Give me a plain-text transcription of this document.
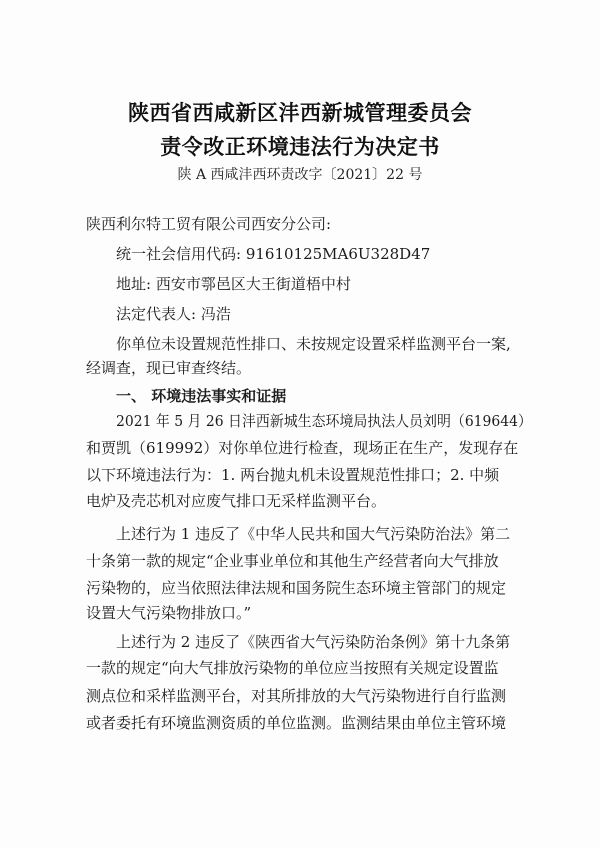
陕西省西咸新区沣西新城管理委员会
责令改正环境违法行为决定书
陕 A 西咸沣西环责改字〔2021〕22 号
陕西利尔特工贸有限公司西安分公司:
统一社会信用代码: 91610125MA6U328D47
地址: 西安市鄠邑区大王街道梧中村
法定代表人: 冯浩
你单位未设置规范性排口、未按规定设置采样监测平台一案,
经调查，现已审查终结。
一、 环境违法事实和证据
2021 年 5 月 26 日沣西新城生态环境局执法人员刘明（619644）
和贾凯（619992）对你单位进行检查，现场正在生产，发现存在
以下环境违法行为：1. 两台抛丸机未设置规范性排口；2. 中频
电炉及壳芯机对应废气排口无采样监测平台。
上述行为 1 违反了《中华人民共和国大气污染防治法》第二
十条第一款的规定“企业事业单位和其他生产经营者向大气排放
污染物的，应当依照法律法规和国务院生态环境主管部门的规定
设置大气污染物排放口。”
上述行为 2 违反了《陕西省大气污染防治条例》第十九条第
一款的规定“向大气排放污染物的单位应当按照有关规定设置监
测点位和采样监测平台，对其所排放的大气污染物进行自行监测
或者委托有环境监测资质的单位监测。监测结果由单位主管环境
